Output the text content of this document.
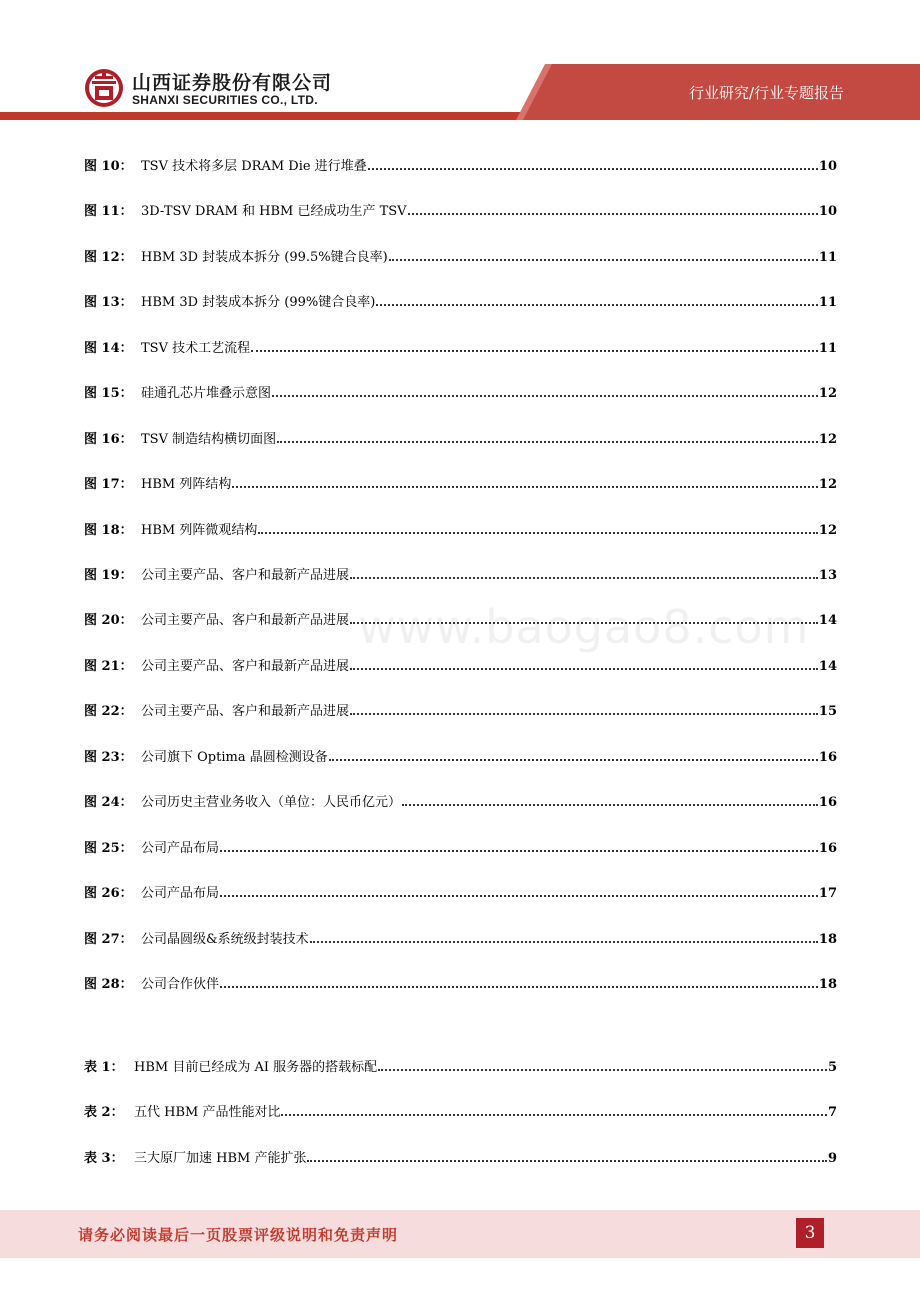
山西证券股份有限公司
SHANXI SECURITIES CO., LTD.	行业研究/行业专题报告
www.baogao8.com
图 10： TSV 技术将多层 DRAM Die 进行堆叠	10
图 11： 3D-TSV DRAM 和 HBM 已经成功生产 TSV	10
图 12： HBM 3D 封装成本拆分 (99.5%键合良率)	11
图 13： HBM 3D 封装成本拆分 (99%键合良率)	11
图 14： TSV 技术工艺流程	11
图 15： 硅通孔芯片堆叠示意图	12
图 16： TSV 制造结构横切面图	12
图 17： HBM 列阵结构	12
图 18： HBM 列阵微观结构	12
图 19： 公司主要产品、客户和最新产品进展	13
图 20： 公司主要产品、客户和最新产品进展	14
图 21： 公司主要产品、客户和最新产品进展	14
图 22： 公司主要产品、客户和最新产品进展	15
图 23： 公司旗下 Optima 晶圆检测设备	16
图 24： 公司历史主营业务收入（单位：人民币亿元）	16
图 25： 公司产品布局	16
图 26： 公司产品布局	17
图 27： 公司晶圆级&系统级封装技术	18
图 28： 公司合作伙伴	18
表 1： HBM 目前已经成为 AI 服务器的搭载标配	5
表 2： 五代 HBM 产品性能对比	7
表 3： 三大原厂加速 HBM 产能扩张	9
请务必阅读最后一页股票评级说明和免责声明	3
